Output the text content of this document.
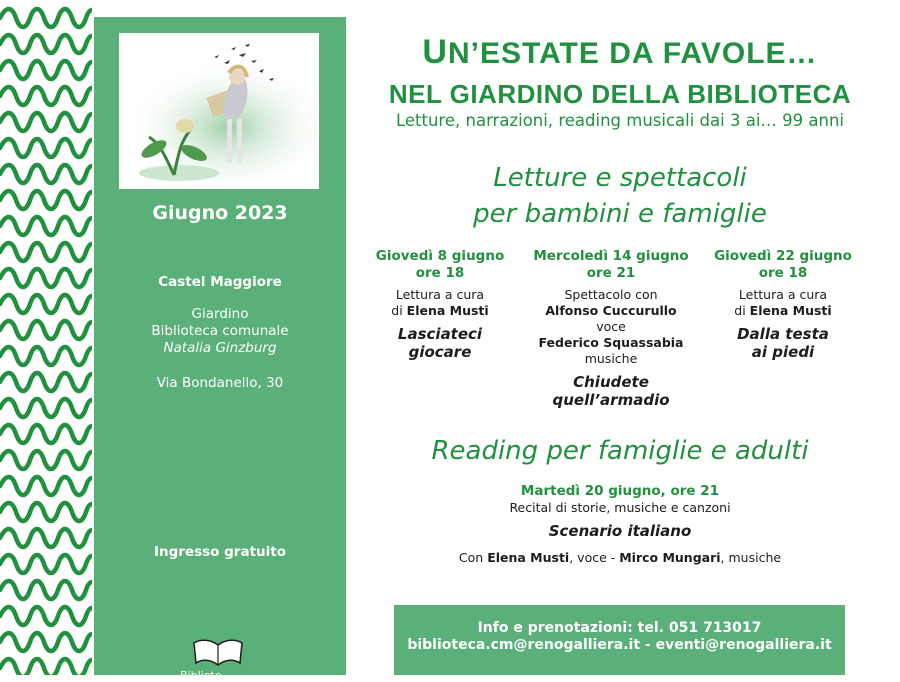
Giugno 2023
Castel Maggiore
Giardino
Biblioteca comunale
Natalia Ginzburg
Via Bondanello, 30
Ingresso gratuito
Bibliote
UN’ESTATE DA FAVOLE…
NEL GIARDINO DELLA BIBLIOTECA
Letture, narrazioni, reading musicali dai 3 ai… 99 anni
Letture e spettacoli
per bambini e famiglie
Giovedì 8 giugno
ore 18
Lettura a cura
di Elena Musti
Lasciateci
giocare
Mercoledì 14 giugno
ore 21
Spettacolo con
Alfonso Cuccurullo
voce
Federico Squassabia
musiche
Chiudete
quell’armadio
Giovedì 22 giugno
ore 18
Lettura a cura
di Elena Musti
Dalla testa
ai piedi
Reading per famiglie e adulti
Martedì 20 giugno, ore 21
Recital di storie, musiche e canzoni
Scenario italiano
Con Elena Musti, voce - Mirco Mungari, musiche
Info e prenotazioni: tel. 051 713017
biblioteca.cm@renogalliera.it - eventi@renogalliera.it
